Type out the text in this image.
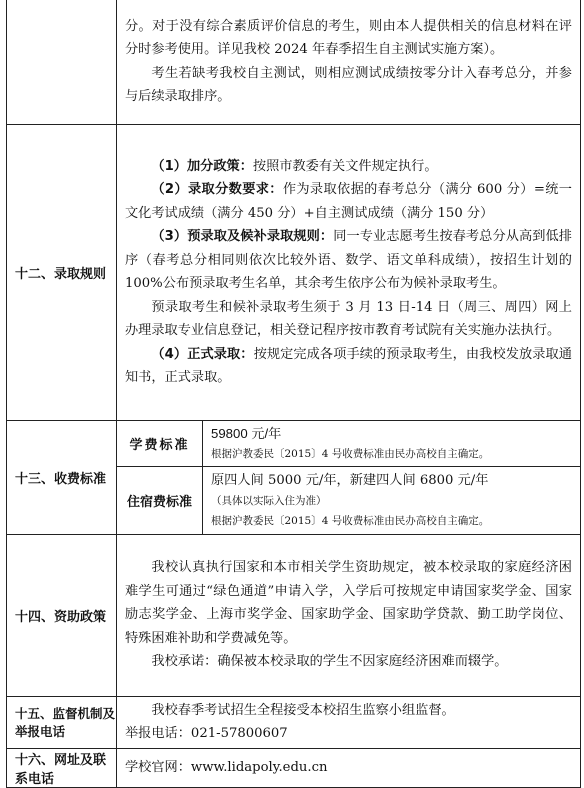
	分。对于没有综合素质评价信息的考生，则由本人提供相关的信息材料在评分时参考使用。详见我校 2024 年春季招生自主测试实施方案）。

考生若缺考我校自主测试，则相应测试成绩按零分计入春考总分，并参与后续录取排序。	

十二、录取规则	（1）加分政策：按照市教委有关文件规定执行。

（2）录取分数要求：作为录取依据的春考总分（满分 600 分）=统一文化考试成绩（满分 450 分）+自主测试成绩（满分 150 分）

（3）预录取及候补录取规则：同一专业志愿考生按春考总分从高到低排序（春考总分相同则依次比较外语、数学、语文单科成绩），按招生计划的 100%公布预录取考生名单，其余考生依序公布为候补录取考生。

预录取考生和候补录取考生须于 3 月 13 日-14 日（周三、周四）网上办理录取专业信息登记，相关登记程序按市教育考试院有关实施办法执行。

（4）正式录取：按规定完成各项手续的预录取考生，由我校发放录取通知书，正式录取。	

十三、收费标准	学费标准	59800 元/年
根据沪教委民〔2015〕4 号收费标准由民办高校自主确定。

	住宿费标准	原四人间 5000 元/年，新建四人间 6800 元/年
（具体以实际入住为准）
根据沪教委民〔2015〕4 号收费标准由民办高校自主确定。

十四、资助政策	我校认真执行国家和本市相关学生资助规定，被本校录取的家庭经济困难学生可通过“绿色通道”申请入学，入学后可按规定申请国家奖学金、国家励志奖学金、上海市奖学金、国家助学金、国家助学贷款、勤工助学岗位、特殊困难补助和学费减免等。

我校承诺：确保被本校录取的学生不因家庭经济困难而辍学。	

十五、监督机制及举报电话	我校春季考试招生全程接受本校招生监察小组监督。

举报电话：021-57800607	

十六、网址及联系电话	学校官网：www.lidapoly.edu.cn	
